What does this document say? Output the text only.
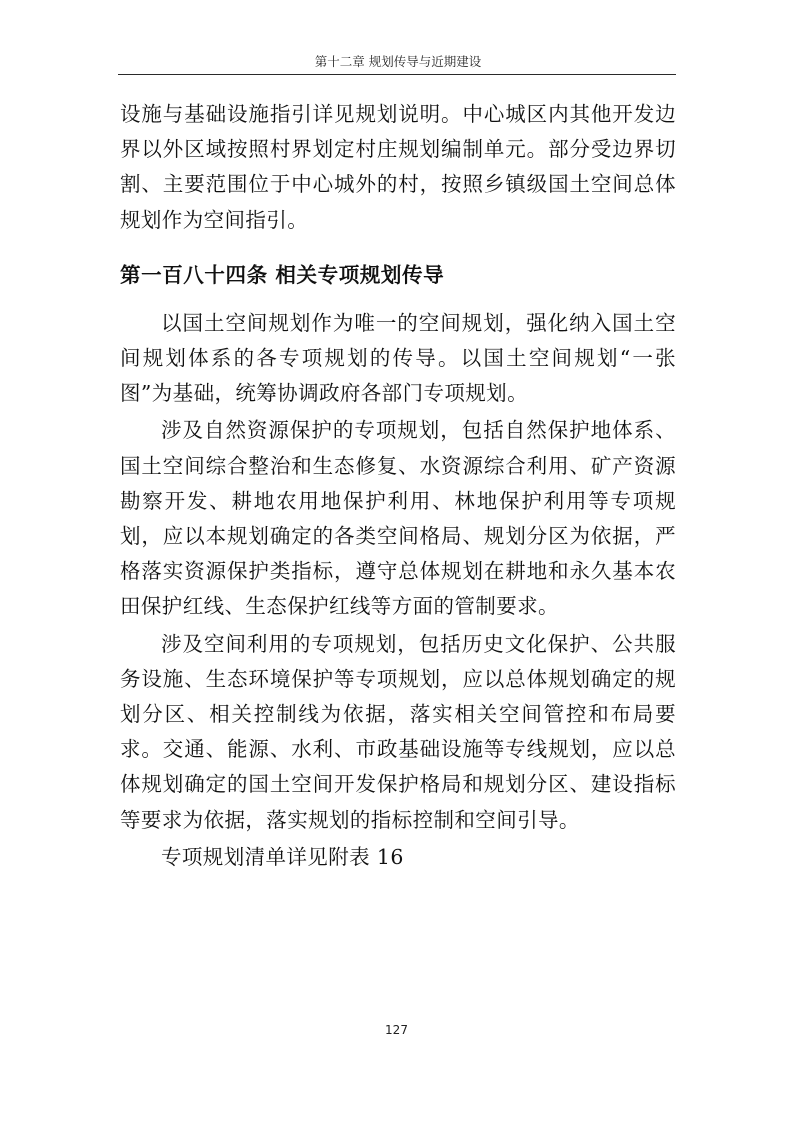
第十二章 规划传导与近期建设

设施与基础设施指引详见规划说明。中心城区内其他开发边界以外区域按照村界划定村庄规划编制单元。部分受边界切割、主要范围位于中心城外的村，按照乡镇级国土空间总体规划作为空间指引。

第一百八十四条 相关专项规划传导

以国土空间规划作为唯一的空间规划，强化纳入国土空间规划体系的各专项规划的传导。以国土空间规划“一张图”为基础，统筹协调政府各部门专项规划。

涉及自然资源保护的专项规划，包括自然保护地体系、国土空间综合整治和生态修复、水资源综合利用、矿产资源勘察开发、耕地农用地保护利用、林地保护利用等专项规划，应以本规划确定的各类空间格局、规划分区为依据，严格落实资源保护类指标，遵守总体规划在耕地和永久基本农田保护红线、生态保护红线等方面的管制要求。

涉及空间利用的专项规划，包括历史文化保护、公共服务设施、生态环境保护等专项规划，应以总体规划确定的规划分区、相关控制线为依据，落实相关空间管控和布局要求。交通、能源、水利、市政基础设施等专线规划，应以总体规划确定的国土空间开发保护格局和规划分区、建设指标等要求为依据，落实规划的指标控制和空间引导。

专项规划清单详见附表 16

127
